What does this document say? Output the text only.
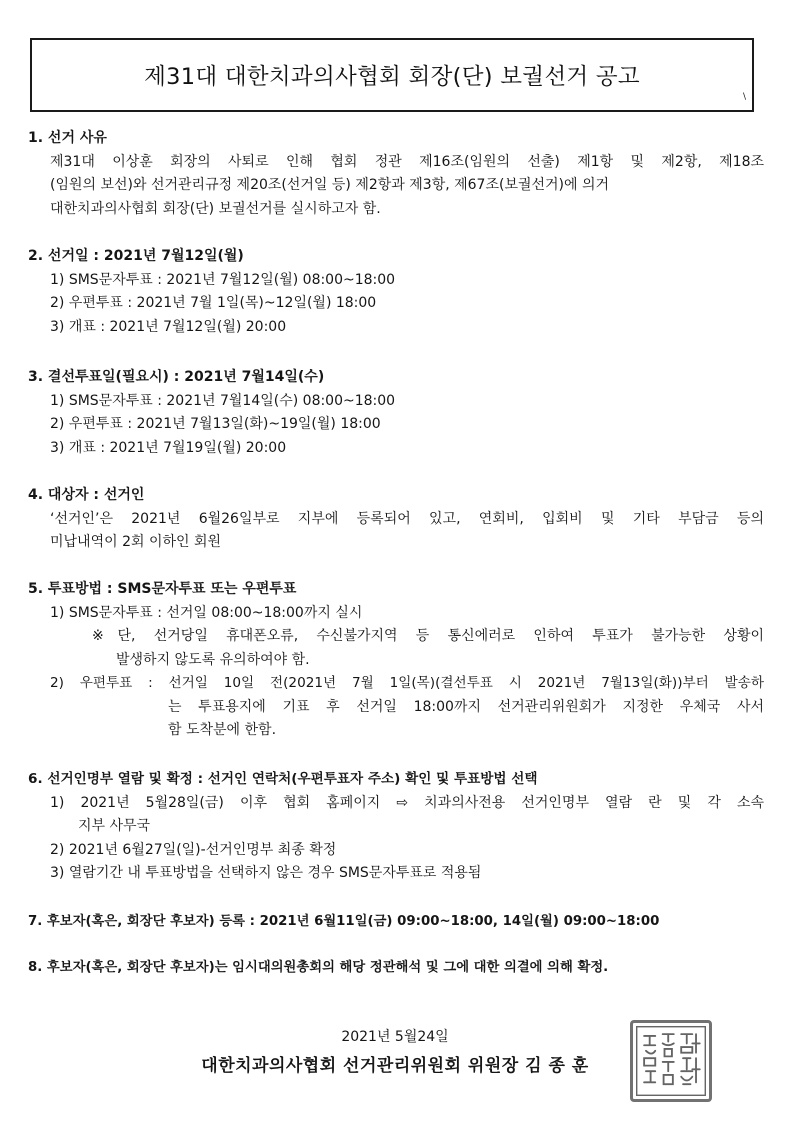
제31대 대한치과의사협회 회장(단) 보궐선거 공고
\
1. 선거 사유
제31대 이상훈 회장의 사퇴로 인해 협회 정관 제16조(임원의 선출) 제1항 및 제2항, 제18조
(임원의 보선)와 선거관리규정 제20조(선거일 등) 제2항과 제3항, 제67조(보궐선거)에 의거
대한치과의사협회 회장(단) 보궐선거를 실시하고자 함.
2. 선거일 : 2021년 7월12일(월)
1) SMS문자투표 : 2021년 7월12일(월) 08:00~18:00
2) 우편투표 : 2021년 7월 1일(목)~12일(월) 18:00
3) 개표 : 2021년 7월12일(월) 20:00
3. 결선투표일(필요시) : 2021년 7월14일(수)
1) SMS문자투표 : 2021년 7월14일(수) 08:00~18:00
2) 우편투표 : 2021년 7월13일(화)~19일(월) 18:00
3) 개표 : 2021년 7월19일(월) 20:00
4. 대상자 : 선거인
‘선거인’은 2021년 6월26일부로 지부에 등록되어 있고, 연회비, 입회비 및 기타 부담금 등의
미납내역이 2회 이하인 회원
5. 투표방법 : SMS문자투표 또는 우편투표
1) SMS문자투표 : 선거일 08:00~18:00까지 실시
※단, 선거당일 휴대폰오류, 수신불가지역 등 통신에러로 인하여 투표가 불가능한 상황이
발생하지 않도록 유의하여야 함.
2) 우편투표 : 선거일 10일 전(2021년 7월 1일(목)(결선투표 시 2021년 7월13일(화))부터 발송하
는 투표용지에 기표 후 선거일 18:00까지 선거관리위원회가 지정한 우체국 사서
함 도착분에 한함.
6. 선거인명부 열람 및 확정 : 선거인 연락처(우편투표자 주소) 확인 및 투표방법 선택
1) 2021년 5월28일(금) 이후 협회 홈페이지 ⇨ 치과의사전용 선거인명부 열람 란 및 각 소속
지부 사무국
2) 2021년 6월27일(일)-선거인명부 최종 확정
3) 열람기간 내 투표방법을 선택하지 않은 경우 SMS문자투표로 적용됨
7. 후보자(혹은, 회장단 후보자) 등록 : 2021년 6월11일(금) 09:00~18:00, 14일(월) 09:00~18:00
8. 후보자(혹은, 회장단 후보자)는 임시대의원총회의 해당 정관해석 및 그에 대한 의결에 의해 확정.
2021년 5월24일
대한치과의사협회 선거관리위원회 위원장 김 종 훈
